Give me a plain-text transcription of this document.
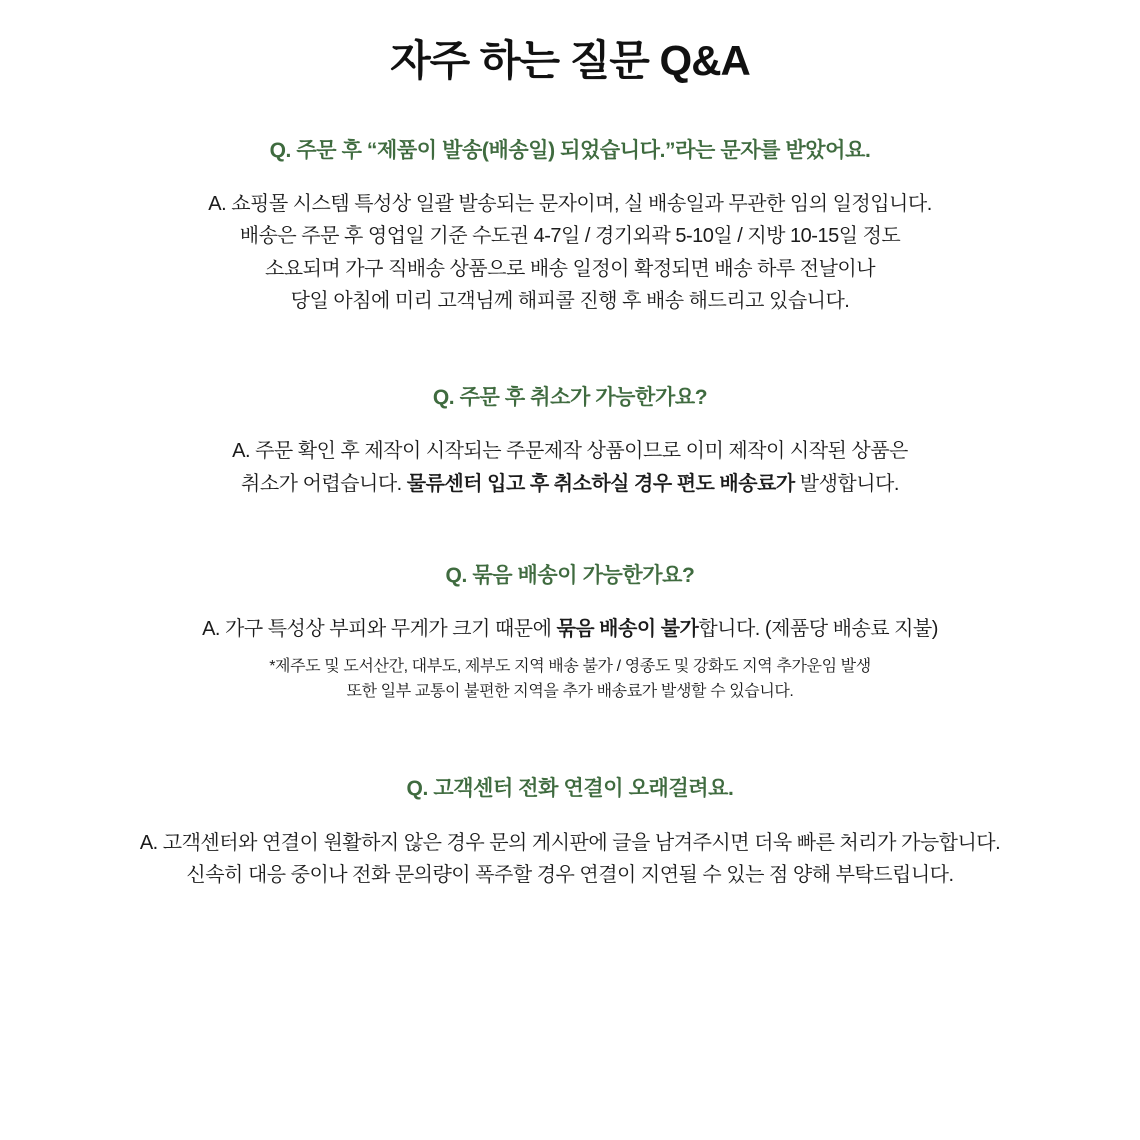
자주 하는 질문 Q&A

Q. 주문 후 “제품이 발송(배송일) 되었습니다.”라는 문자를 받았어요.

A. 쇼핑몰 시스템 특성상 일괄 발송되는 문자이며, 실 배송일과 무관한 임의 일정입니다.
배송은 주문 후 영업일 기준 수도권 4-7일 / 경기외곽 5-10일 / 지방 10-15일 정도
소요되며 가구 직배송 상품으로 배송 일정이 확정되면 배송 하루 전날이나
당일 아침에 미리 고객님께 해피콜 진행 후 배송 해드리고 있습니다.

Q. 주문 후 취소가 가능한가요?

A. 주문 확인 후 제작이 시작되는 주문제작 상품이므로 이미 제작이 시작된 상품은
취소가 어렵습니다. 물류센터 입고 후 취소하실 경우 편도 배송료가 발생합니다.

Q. 묶음 배송이 가능한가요?

A. 가구 특성상 부피와 무게가 크기 때문에 묶음 배송이 불가합니다. (제품당 배송료 지불)

*제주도 및 도서산간, 대부도, 제부도 지역 배송 불가 / 영종도 및 강화도 지역 추가운임 발생
또한 일부 교통이 불편한 지역을 추가 배송료가 발생할 수 있습니다.

Q. 고객센터 전화 연결이 오래걸려요.

A. 고객센터와 연결이 원활하지 않은 경우 문의 게시판에 글을 남겨주시면 더욱 빠른 처리가 가능합니다.
신속히 대응 중이나 전화 문의량이 폭주할 경우 연결이 지연될 수 있는 점 양해 부탁드립니다.
